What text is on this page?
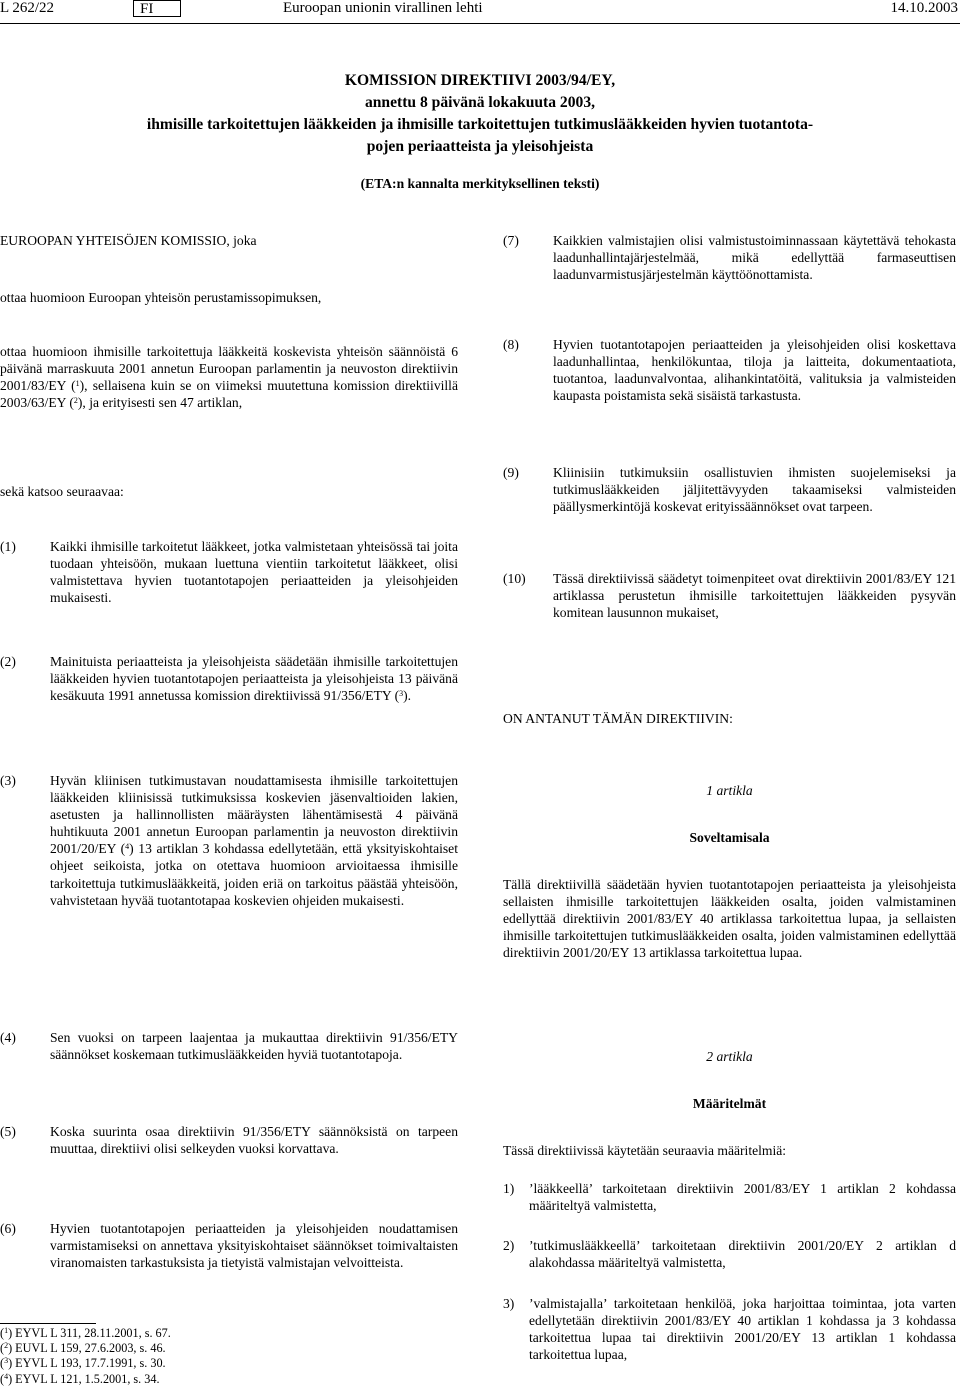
L 262/22	FI	Euroopan unionin virallinen lehti	14.10.2003
KOMISSION DIREKTIIVI 2003/94/EY,
annettu 8 päivänä lokakuuta 2003,
ihmisille tarkoitettujen lääkkeiden ja ihmisille tarkoitettujen tutkimuslääkkeiden hyvien tuotantota-
pojen periaatteista ja yleisohjeista
(ETA:n kannalta merkityksellinen teksti)

EUROOPAN YHTEISÖJEN KOMISSIO, joka

ottaa huomioon Euroopan yhteisön perustamissopimuksen,

ottaa huomioon ihmisille tarkoitettuja lääkkeitä koskevista yhteisön säännöistä 6 päivänä marraskuuta 2001 annetun Euroopan parlamentin ja neuvoston direktiivin 2001/83/EY ($^1$), sellaisena kuin se on viimeksi muutettuna komission direktiivillä 2003/63/EY ($^2$), ja erityisesti sen 47 artiklan,

sekä katsoo seuraavaa:

(1)	Kaikki ihmisille tarkoitetut lääkkeet, jotka valmistetaan yhteisössä tai joita tuodaan yhteisöön, mukaan luettuna vientiin tarkoitetut lääkkeet, olisi valmistettava hyvien tuotantotapojen periaatteiden ja yleisohjeiden mukaisesti.

(2)	Mainituista periaatteista ja yleisohjeista säädetään ihmisille tarkoitettujen lääkkeiden hyvien tuotantotapojen periaatteista ja yleisohjeista 13 päivänä kesäkuuta 1991 annetussa komission direktiivissä 91/356/ETY ($^3$).

(3)	Hyvän kliinisen tutkimustavan noudattamisesta ihmisille tarkoitettujen lääkkeiden kliinisissä tutkimuksissa koskevien jäsenvaltioiden lakien, asetusten ja hallinnollisten määräysten lähentämisestä 4 päivänä huhtikuuta 2001 annetun Euroopan parlamentin ja neuvoston direktiivin 2001/20/EY ($^4$) 13 artiklan 3 kohdassa edellytetään, että yksityiskohtaiset ohjeet seikoista, jotka on otettava huomioon arvioitaessa ihmisille tarkoitettuja tutkimuslääkkeitä, joiden eriä on tarkoitus päästää yhteisöön, vahvistetaan hyvää tuotantotapaa koskevien ohjeiden mukaisesti.

(4)	Sen vuoksi on tarpeen laajentaa ja mukauttaa direktiivin 91/356/ETY säännökset koskemaan tutkimuslääkkeiden hyviä tuotantotapoja.

(5)	Koska suurinta osaa direktiivin 91/356/ETY säännöksistä on tarpeen muuttaa, direktiivi olisi selkeyden vuoksi korvattava.

(6)	Hyvien tuotantotapojen periaatteiden ja yleisohjeiden noudattamisen varmistamiseksi on annettava yksityiskohtaiset säännökset toimivaltaisten viranomaisten tarkastuksista ja tietyistä valmistajan velvoitteista.

(7)	Kaikkien valmistajien olisi valmistustoiminnassaan käytettävä tehokasta laadunhallintajärjestelmää, mikä edellyttää farmaseuttisen laadunvarmistusjärjestelmän käyttöönottamista.

(8)	Hyvien tuotantotapojen periaatteiden ja yleisohjeiden olisi koskettava laadunhallintaa, henkilökuntaa, tiloja ja laitteita, dokumentaatiota, tuotantoa, laadunvalvontaa, alihankintatöitä, valituksia ja valmisteiden kaupasta poistamista sekä sisäistä tarkastusta.

(9)	Kliinisiin tutkimuksiin osallistuvien ihmisten suojelemiseksi ja tutkimuslääkkeiden jäljitettävyyden takaamiseksi valmisteiden päällysmerkintöjä koskevat erityissäännökset ovat tarpeen.

(10) Tässä direktiivissä säädetyt toimenpiteet ovat direktiivin 2001/83/EY 121 artiklassa perustetun ihmisille tarkoitettujen lääkkeiden pysyvän komitean lausunnon mukaiset,

ON ANTANUT TÄMÄN DIREKTIIVIN:

1 artikla

Soveltamisala

Tällä direktiivillä säädetään hyvien tuotantotapojen periaatteista ja yleisohjeista sellaisten ihmisille tarkoitettujen lääkkeiden osalta, joiden valmistaminen edellyttää direktiivin 2001/83/EY 40 artiklassa tarkoitettua lupaa, ja sellaisten ihmisille tarkoitettujen tutkimuslääkkeiden osalta, joiden valmistaminen edellyttää direktiivin 2001/20/EY 13 artiklassa tarkoitettua lupaa.

2 artikla

Määritelmät

Tässä direktiivissä käytetään seuraavia määritelmiä:

1) ’lääkkeellä’ tarkoitetaan direktiivin 2001/83/EY 1 artiklan 2 kohdassa määriteltyä valmistetta,

2) ’tutkimuslääkkeellä’ tarkoitetaan direktiivin 2001/20/EY 2 artiklan d alakohdassa määriteltyä valmistetta,

3) ’valmistajalla’ tarkoitetaan henkilöä, joka harjoittaa toimintaa, jota varten edellytetään direktiivin 2001/83/EY 40 artiklan 1 kohdassa ja 3 kohdassa tarkoitettua lupaa tai direktiivin 2001/20/EY 13 artiklan 1 kohdassa tarkoitettua lupaa,

($^1$) EYVL L 311, 28.11.2001, s. 67.
($^2$) EUVL L 159, 27.6.2003, s. 46.
($^3$) EYVL L 193, 17.7.1991, s. 30.
($^4$) EYVL L 121, 1.5.2001, s. 34.
